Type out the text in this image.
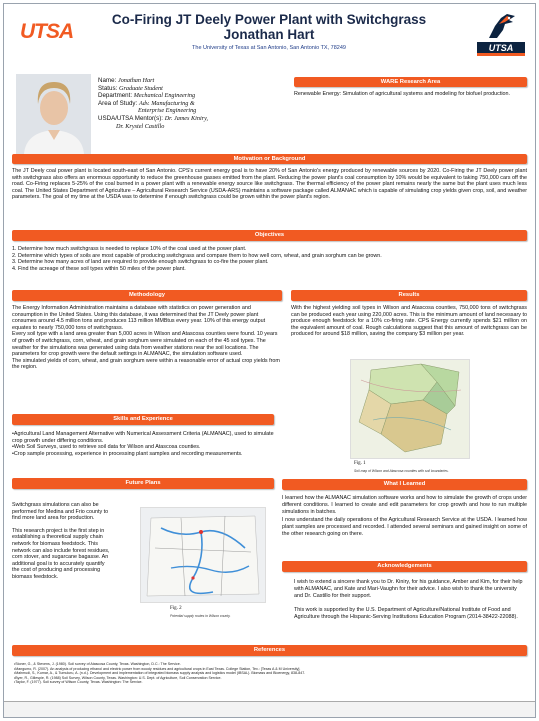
UTSA
Co-Firing JT Deely Power Plant with Switchgrass
Jonathan Hart
The University of Texas at San Antonio, San Antonio TX, 78249	UTSA
Name: Jonathan Hart
Status: Graduate Student
Department: Mechanical Engineering
Area of Study: Adv. Manufacturing &
Enterprise Engineering
USDA/UTSA Mentor(s): Dr. James Kiniry,
Dr. Krystel Castillo
WARE Research Area
Renewable Energy: Simulation of agricultural systems and modeling for biofuel production.
Motivation or Background
The JT Deely coal power plant is located south-east of San Antonio. CPS's current energy goal is to have 20% of San Antonio's energy produced by renewable sources by 2020. Co-Firing the JT Deely power plant with switchgrass also offers an enormous opportunity to reduce the greenhouse gasses emitted from the plant. Reducing the power plant's coal consumption by 10% would be equivalent to taking 750,000 cars off the road. Co-Firing replaces 5-25% of the coal burned in a power plant with a renewable energy source like switchgrass. The thermal efficiency of the power plant remains nearly the same but the plant uses much less coal. The United States Department of Agriculture – Agricultural Research Service (USDA-ARS) maintains a software package called ALMANAC which is capable of simulating crop yields given crop, soil, and weather parameters. The goal of my time at the USDA was to determine if enough switchgrass could be grown within the power plant's region.
Objectives
1. Determine how much switchgrass is needed to replace 10% of the coal used at the power plant.
2. Determine which types of soils are most capable of producing switchgrass and compare them to how well corn, wheat, and grain sorghum can be grown.
3. Determine how many acres of land are required to provide enough switchgrass to co-fire the power plant.
4. Find the acreage of these soil types within 50 miles of the power plant.
Methodology

The Energy Information Administration maintains a database with statistics on power generation and consumption in the United States. Using this database, it was determined that the JT Deely power plant consumes around 4.5 million tons and produces 113 million MMBtus every year. 10% of this energy output equates to nearly 750,000 tons of switchgrass.

Every soil type with a land area greater than 5,000 acres in Wilson and Atascosa counties were found. 10 years of growth of switchgrass, corn, wheat, and grain sorghum were simulated on each of the 45 soil types. The weather for the simulations was generated using data from weather stations near the soil locations. The parameters for crop growth were the default settings in ALMANAC, the simulation software used.

The simulated yields of corn, wheat, and grain sorghum were within a reasonable error of actual crop yields from the region.

Results
With the highest yielding soil types in Wilson and Atascosa counties, 750,000 tons of switchgrass can be produced each year using 220,000 acres. This is the minimum amount of land necessary to produce enough feedstock for a 10% co-firing rate. CPS Energy currently spends $21 million on the equivalent amount of coal. Rough calculations suggest that this amount of switchgrass can be produced for around $18 million, saving the company $3 million per year.
Fig. 1
Soil map of Wilson and Atascosa counties with soil boundaries.
Skills and Experience
•Agricultural Land Management Alternative with Numerical Assessment Criteria (ALMANAC), used to simulate crop growth under differing conditions.
•Web Soil Surveys, used to retrieve soil data for Wilson and Atascosa counties.
•Crop sample processing, experience in processing plant samples and recording measurements.
Future Plans

Switchgrass simulations can also be performed for Medina and Frio county to find more land area for production.

This research project is the first step in establishing a theoretical supply chain network for biomass feedstock. This network can also include forest residues, corn stover, and sugarcane bagasse. An additional goal is to accurately quantify the cost of producing and processing biomass feedstock.

Fig. 2
Potential supply routes in Wilson county.
What I Learned

I learned how the ALMANAC simulation software works and how to simulate the growth of crops under different conditions. I learned to create and edit parameters for crop growth and how to run multiple simulations in batches.

I now understand the daily operations of the Agricultural Research Service at the USDA. I learned how plant samples are processed and recorded. I attended several seminars and gained insight on some of the other research going on there.

Acknowledgements

I wish to extend a sincere thank you to Dr. Kiniry, for his guidance, Amber and Kim, for their help with ALMANAC, and Kate and Mari-Vaughn for their advice. I also wish to thank the university and Dr. Castillo for their support.

This work is supported by the U.S. Department of Agriculture/National Institute of Food and Agriculture through the Hispanic-Serving Institutions Education Program (2014-38422-22088).

References
•Stoner, G., & Stevens, J. (1980). Soil survey of Atascosa County, Texas. Washington, D.C.: The Service.
•Mangumo, R. (2007). An analysis of producing ethanol and electric power from woody residues and agricultural crops in East Texas. College Station, Tex.: [Texas A & M University].
•Mahmudi, S., Kumar, A., & Tumuluru, A. (n.d.). Development and implementation of integrated biomass supply analysis and logistics model (IBSAL). Biomass and Bioenergy, 838-847.
•Byer, R., Gillespie, R. (1988) Soil Survey, Wilson County, Texas. Washington: U.S. Dept. of Agriculture, Soil Conservation Service.
•Taylor, F. (1977). Soil survey of Wilson County, Texas. Washington: The Service.
